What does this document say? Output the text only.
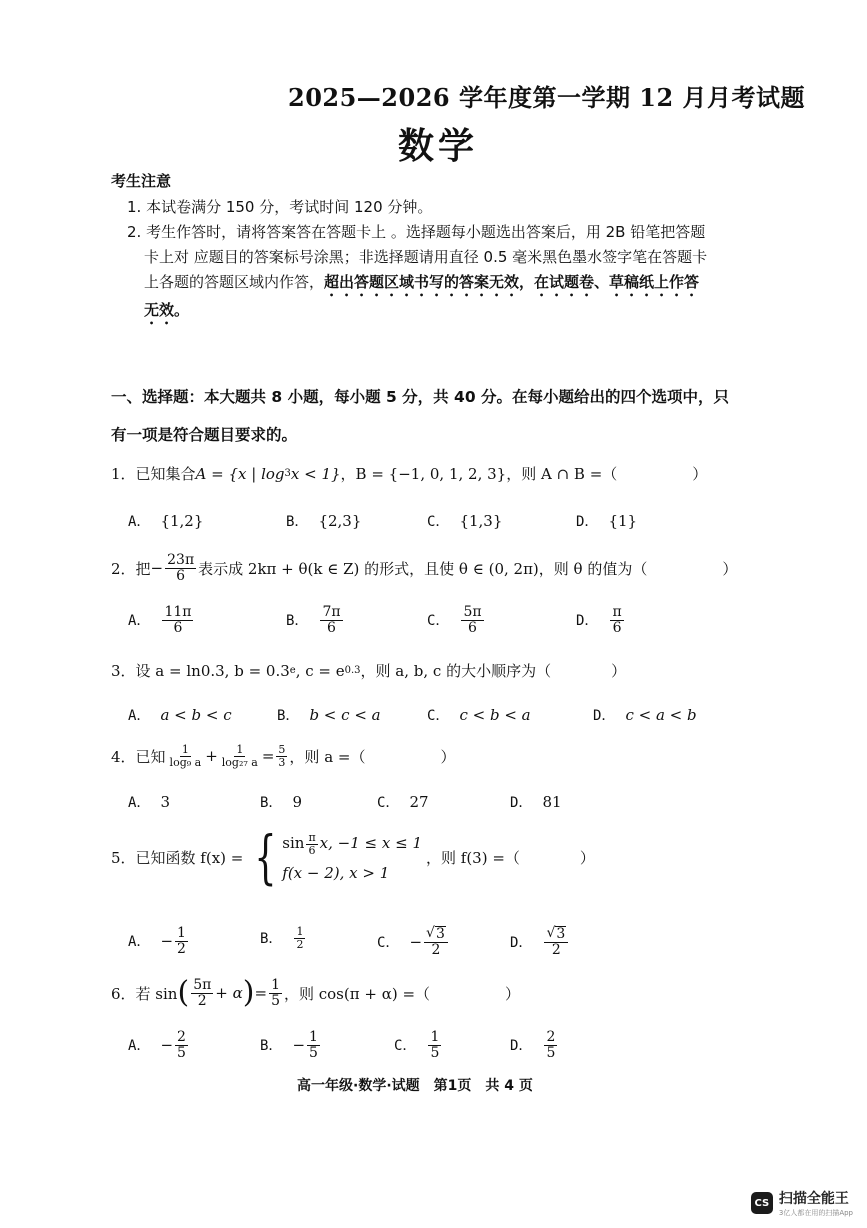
2025—2026 学年度第一学期 12 月月考试题
数学
考生注意
1. 本试卷满分 150 分，考试时间 120 分钟。
2. 考生作答时，请将答案答在答题卡上 。选择题每小题选出答案后，用 2B 铅笔把答题
卡上对 应题目的答案标号涂黑；非选择题请用直径 0.5 毫米黑色墨水签字笔在答题卡
上各题的答题区域内作答，超出答题区域书写的答案无效，在试题卷、草稿纸上作答
无效。
一、选择题：本大题共 8 小题，每小题 5 分，共 40 分。在每小题给出的四个选项中，只
有一项是符合题目要求的。
1．已知集合 A = {x | log 3 x < 1} ，B = {−1, 0, 1, 2, 3} ，则 A ∩ B =（　　　　　）
A． {1,2}	B． {2,3}	C． {1,3}	D． {1}
2．把 − $\frac{23\pi}{6}$ 表示成 2kπ + θ(k ∈ Z) 的形式，且使 θ ∈ (0, 2π)，则 θ 的值为（　　　　　）
A． $\frac{11\pi}{6}$	B． $\frac{7\pi}{6}$	C． $\frac{5\pi}{6}$	D． $\frac{\pi}{6}$
3．设 a = ln0.3, b = 0.3 e , c = e 0.3 ，则 a, b, c 的大小顺序为（　　　　）
A． a < b < c	B． b < c < a	C． c < b < a	D． c < a < b
4．已知 $\frac{1}{\text{log₉ a}} + \frac{1}{\text{log₂₇ a}} = \frac{5}{3}$ ，则 a =（　　　　　）
A． 3	B． 9	C． 27	D． 81
5．已知函数 f(x) = { $\sin \frac{\pi}{6} x$, −1 ≤ x ≤ 1
f(x − 2), x > 1
，则 f(3) =（　　　　）
A． − $\frac{1}{2}$	B． $\frac{1}{2}$	C． − $\frac{√ 3}{2}$	D． $\frac{√ 3}{2}$
6．若 sin ( $\frac{5\pi}{2} + \alpha$ ) = $\frac{1}{5}$ ，则 cos(π + α) =（　　　　　）
A． − $\frac{2}{5}$	B． − $\frac{1}{5}$	C． $\frac{1}{5}$	D． $\frac{2}{5}$
高一年级·数学·试题　第1页　共 4 页
CS 扫描全能王
3亿人都在用的扫描App
